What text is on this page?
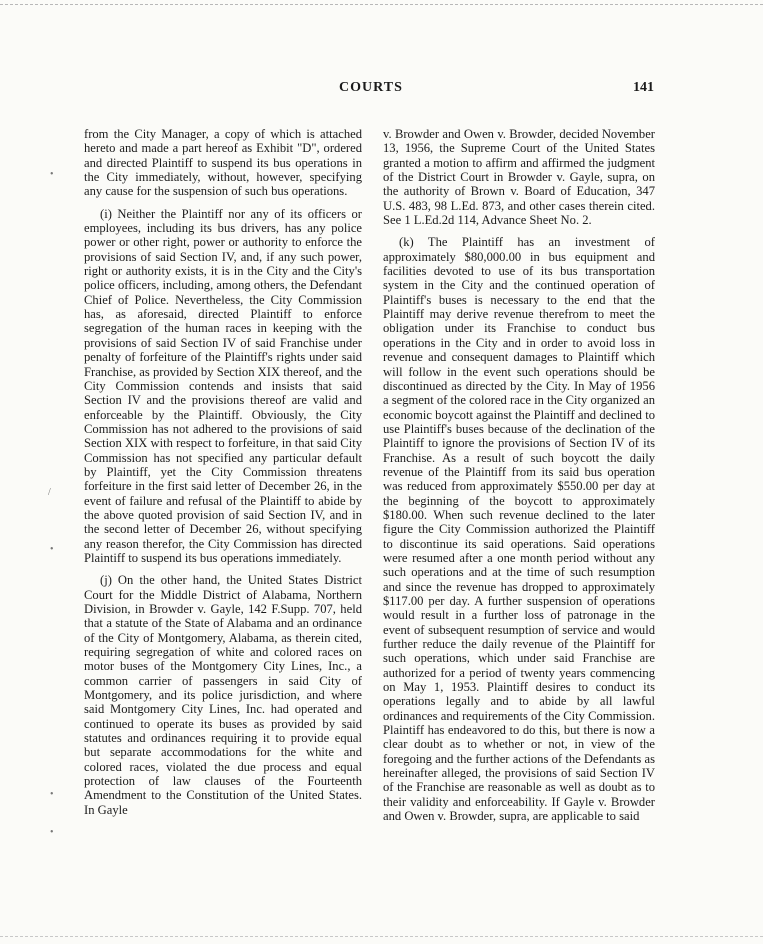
COURTS	141

from the City Manager, a copy of which is attached hereto and made a part hereof as Exhibit "D", ordered and directed Plaintiff to suspend its bus operations in the City immediately, without, however, specifying any cause for the suspension of such bus operations.

(i) Neither the Plaintiff nor any of its officers or employees, including its bus drivers, has any police power or other right, power or authority to enforce the provisions of said Section IV, and, if any such power, right or authority exists, it is in the City and the City's police officers, including, among others, the Defendant Chief of Police. Nevertheless, the City Commission has, as aforesaid, directed Plaintiff to enforce segregation of the human races in keeping with the provisions of said Section IV of said Franchise under penalty of forfeiture of the Plaintiff's rights under said Franchise, as provided by Section XIX thereof, and the City Commission contends and insists that said Section IV and the provisions thereof are valid and enforceable by the Plaintiff. Obviously, the City Commission has not adhered to the provisions of said Section XIX with respect to forfeiture, in that said City Commission has not specified any particular default by Plaintiff, yet the City Commission threatens forfeiture in the first said letter of December 26, in the event of failure and refusal of the Plaintiff to abide by the above quoted provision of said Section IV, and in the second letter of December 26, without specifying any reason therefor, the City Commission has directed Plaintiff to suspend its bus operations immediately.

(j) On the other hand, the United States District Court for the Middle District of Alabama, Northern Division, in Browder v. Gayle, 142 F.Supp. 707, held that a statute of the State of Alabama and an ordinance of the City of Montgomery, Alabama, as therein cited, requiring segregation of white and colored races on motor buses of the Montgomery City Lines, Inc., a common carrier of passengers in said City of Montgomery, and its police jurisdiction, and where said Montgomery City Lines, Inc. had operated and continued to operate its buses as provided by said statutes and ordinances requiring it to provide equal but separate accommodations for the white and colored races, violated the due process and equal protection of law clauses of the Fourteenth Amendment to the Constitution of the United States. In Gayle

v. Browder and Owen v. Browder, decided November 13, 1956, the Supreme Court of the United States granted a motion to affirm and affirmed the judgment of the District Court in Browder v. Gayle, supra, on the authority of Brown v. Board of Education, 347 U.S. 483, 98 L.Ed. 873, and other cases therein cited. See 1 L.Ed.2d 114, Advance Sheet No. 2.

(k) The Plaintiff has an investment of approximately $80,000.00 in bus equipment and facilities devoted to use of its bus transportation system in the City and the continued operation of Plaintiff's buses is necessary to the end that the Plaintiff may derive revenue therefrom to meet the obligation under its Franchise to conduct bus operations in the City and in order to avoid loss in revenue and consequent damages to Plaintiff which will follow in the event such operations should be discontinued as directed by the City. In May of 1956 a segment of the colored race in the City organized an economic boycott against the Plaintiff and declined to use Plaintiff's buses because of the declination of the Plaintiff to ignore the provisions of Section IV of its Franchise. As a result of such boycott the daily revenue of the Plaintiff from its said bus operation was reduced from approximately $550.00 per day at the beginning of the boycott to approximately $180.00. When such revenue declined to the later figure the City Commission authorized the Plaintiff to discontinue its said operations. Said operations were resumed after a one month period without any such operations and at the time of such resumption and since the revenue has dropped to approximately $117.00 per day. A further suspension of operations would result in a further loss of patronage in the event of subsequent resumption of service and would further reduce the daily revenue of the Plaintiff for such operations, which under said Franchise are authorized for a period of twenty years commencing on May 1, 1953. Plaintiff desires to conduct its operations legally and to abide by all lawful ordinances and requirements of the City Commission. Plaintiff has endeavored to do this, but there is now a clear doubt as to whether or not, in view of the foregoing and the further actions of the Defendants as hereinafter alleged, the provisions of said Section IV of the Franchise are reasonable as well as doubt as to their validity and enforceability. If Gayle v. Browder and Owen v. Browder, supra, are applicable to said

•
/
•
•
•
